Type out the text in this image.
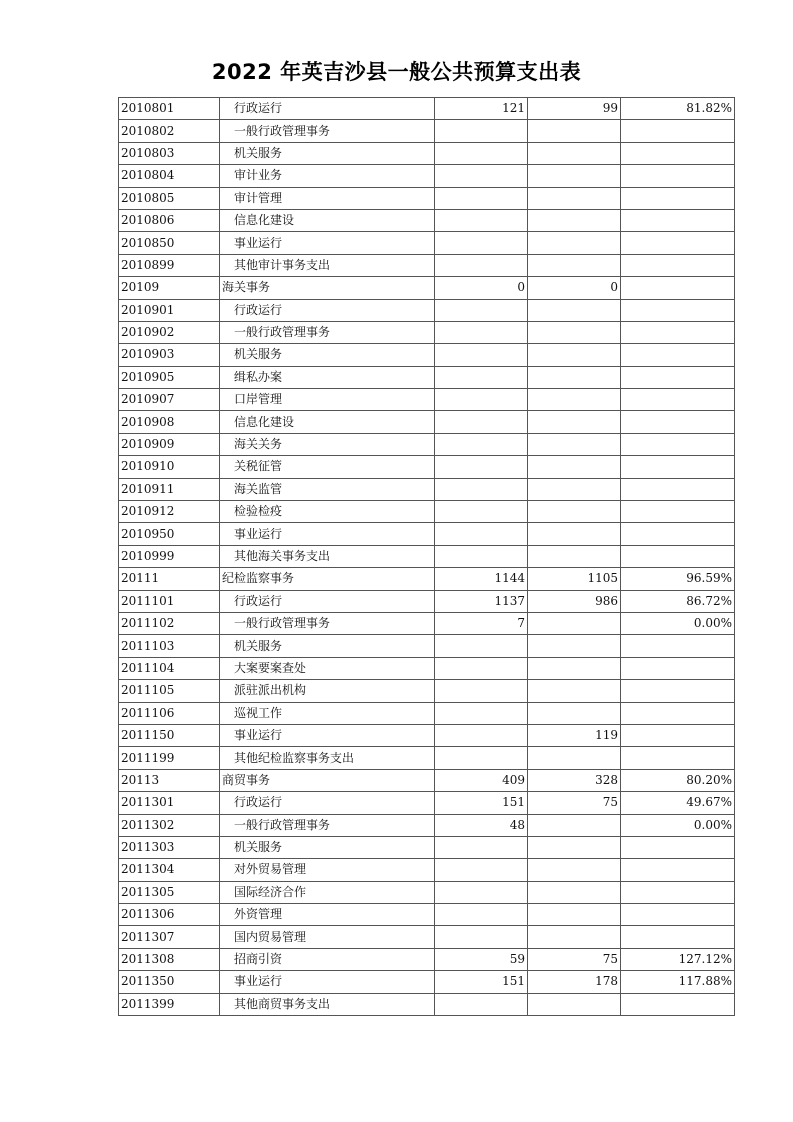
2022 年英吉沙县一般公共预算支出表
2010801	行政运行	121	99	81.82%
2010802	一般行政管理事务			
2010803	机关服务			
2010804	审计业务			
2010805	审计管理			
2010806	信息化建设			
2010850	事业运行			
2010899	其他审计事务支出			
20109	海关事务	0	0	
2010901	行政运行			
2010902	一般行政管理事务			
2010903	机关服务			
2010905	缉私办案			
2010907	口岸管理			
2010908	信息化建设			
2010909	海关关务			
2010910	关税征管			
2010911	海关监管			
2010912	检验检疫			
2010950	事业运行			
2010999	其他海关事务支出			
20111	纪检监察事务	1144	1105	96.59%
2011101	行政运行	1137	986	86.72%
2011102	一般行政管理事务	7		0.00%
2011103	机关服务			
2011104	大案要案查处			
2011105	派驻派出机构			
2011106	巡视工作			
2011150	事业运行		119	
2011199	其他纪检监察事务支出			
20113	商贸事务	409	328	80.20%
2011301	行政运行	151	75	49.67%
2011302	一般行政管理事务	48		0.00%
2011303	机关服务			
2011304	对外贸易管理			
2011305	国际经济合作			
2011306	外资管理			
2011307	国内贸易管理			
2011308	招商引资	59	75	127.12%
2011350	事业运行	151	178	117.88%
2011399	其他商贸事务支出			
